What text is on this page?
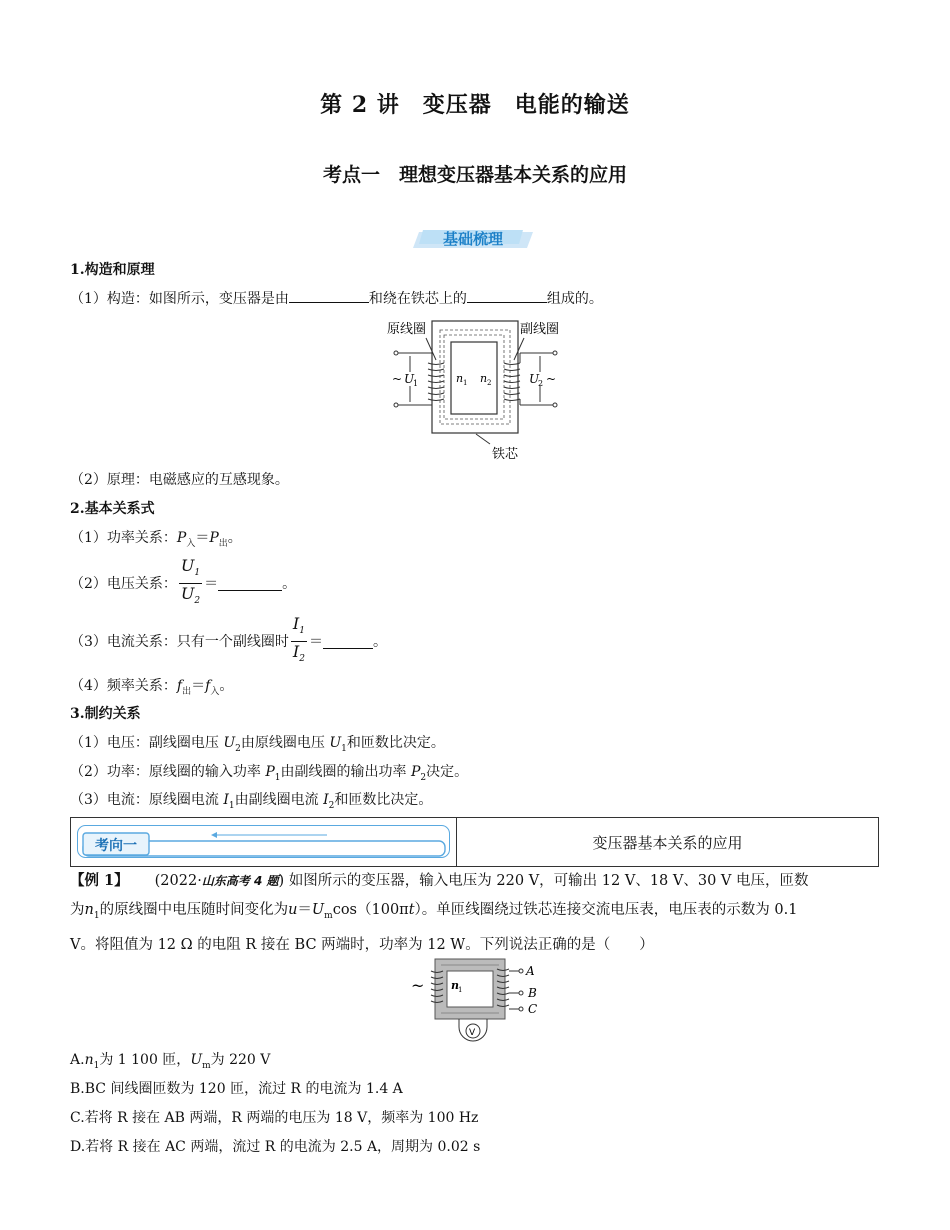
第 2 讲　变压器　电能的输送
考点一　理想变压器基本关系的应用
基础梳理
1.构造和原理
（1）构造：如图所示，变压器是由	和绕在铁芯上的	组成的。
原线圈	副线圈
铁芯
~ U
1	n 1 n 2	U
2 ~
（2）原理：电磁感应的互感现象。
2.基本关系式
（1）功率关系：$P_入=P_出$。
（2）电压关系： $\frac{U_1}{U_2}$ ＝	。
（3）电流关系：只有一个副线圈时 $\frac{I_1}{I_2}$ ＝	。
（4）频率关系：$f_出=f_入$。
3.制约关系
（1）电压：副线圈电压 $U_2$由原线圈电压 $U_1$和匝数比决定。
（2）功率：原线圈的输入功率 $P_1$由副线圈的输出功率 $P_2$决定。
（3）电流：原线圈电流 $I_1$由副线圈电流 $I_2$和匝数比决定。
考向一	变压器基本关系的应用
【例 1】 (2022·山东高考 4 题) 如图所示的变压器，输入电压为 220 V，可输出 12 V、18 V、30 V 电压，匝数
为$n_1$的原线圈中电压随时间变化为$u=U_m\cos(100\pi t)$。单匝线圈绕过铁芯连接交流电压表，电压表的示数为 0.1
V。将阻值为 12 Ω 的电阻 R 接在 BC 两端时，功率为 12 W。下列说法正确的是（　　）
V
~ n 1
A
B
C
$A.n_1$为 1 100 匝，$U_m$为 220 V
B.BC 间线圈匝数为 120 匝，流过 R 的电流为 1.4 A
C.若将 R 接在 AB 两端，R 两端的电压为 18 V，频率为 100 Hz
D.若将 R 接在 AC 两端，流过 R 的电流为 2.5 A，周期为 0.02 s
